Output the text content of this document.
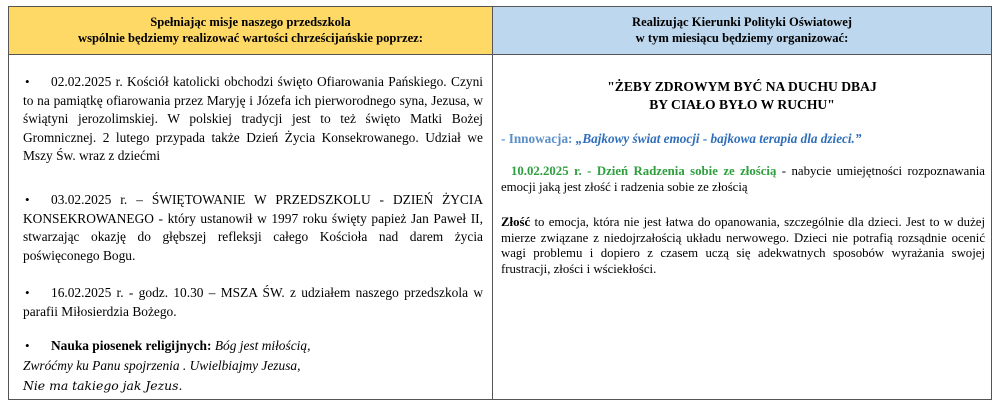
Spełniając misje naszego przedszkola
wspólnie będziemy realizować wartości chrześcijańskie poprzez:
Realizując Kierunki Polityki Oświatowej
w tym miesiącu będziemy organizować:
•	02.02.2025 r. Kościół katolicki obchodzi święto Ofiarowania Pańskiego. Czyni to na pamiątkę ofiarowania przez Maryję i Józefa ich pierworodnego syna, Jezusa, w świątyni jerozolimskiej. W polskiej tradycji jest to też święto Matki Bożej Gromnicznej. 2 lutego przypada także Dzień Życia Konsekrowanego. Udział we Mszy Św. wraz z dziećmi
•	03.02.2025 r. – ŚWIĘTOWANIE W PRZEDSZKOLU - DZIEŃ ŻYCIA KONSEKROWANEGO - który ustanowił w 1997 roku święty papież Jan Paweł II, stwarzając okazję do głębszej refleksji całego Kościoła nad darem życia poświęconego Bogu.
•	16.02.2025 r. - godz. 10.30 – MSZA ŚW. z udziałem naszego przedszkola w parafii Miłosierdzia Bożego.
•	Nauka piosenek religijnych: Bóg jest miłością,
Zwróćmy ku Panu spojrzenia . Uwielbiajmy Jezusa,
Nie ma takiego jak Jezus.
"ŻEBY ZDROWYM BYĆ NA DUCHU DBAJ
BY CIAŁO BYŁO W RUCHU"
- Innowacja: „Bajkowy świat emocji - bajkowa terapia dla dzieci.”
10.02.2025 r. - Dzień Radzenia sobie ze złością - nabycie umiejętności rozpoznawania emocji jaką jest złość i radzenia sobie ze złością
Złość to emocja, która nie jest łatwa do opanowania, szczególnie dla dzieci. Jest to w dużej mierze związane z niedojrzałością układu nerwowego. Dzieci nie potrafią rozsądnie ocenić wagi problemu i dopiero z czasem uczą się adekwatnych sposobów wyrażania swojej frustracji, złości i wściekłości.
